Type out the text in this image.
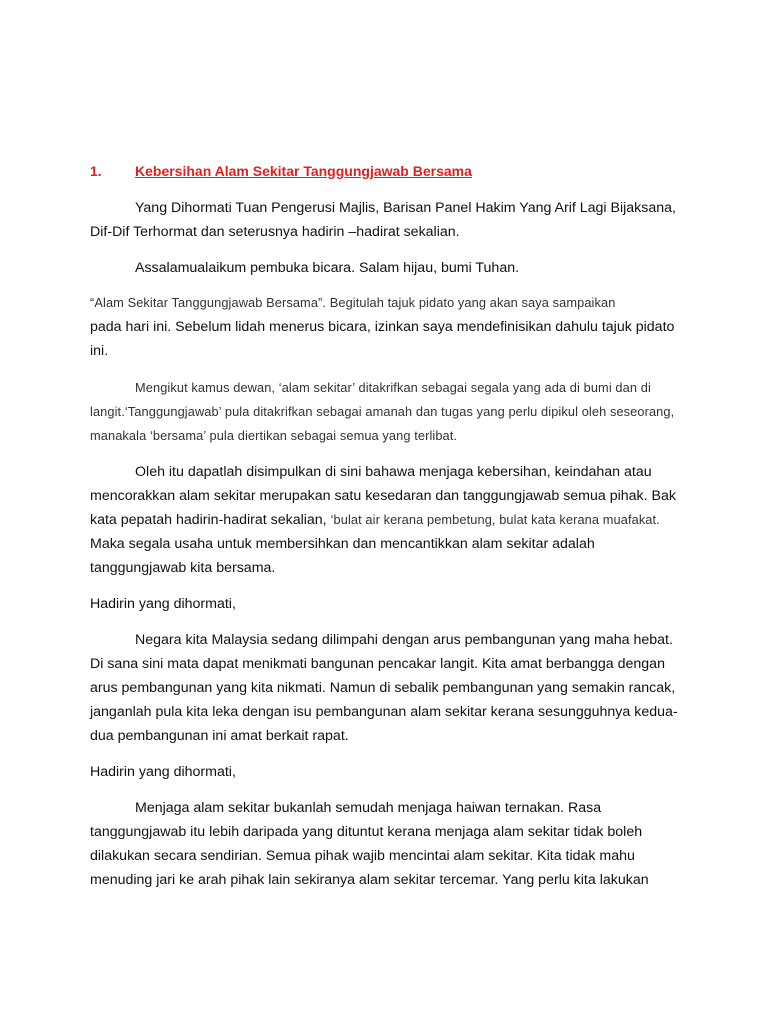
1. Kebersihan Alam Sekitar Tanggungjawab Bersama

Yang Dihormati Tuan Pengerusi Majlis, Barisan Panel Hakim Yang Arif Lagi Bijaksana, Dif-Dif Terhormat dan seterusnya hadirin –hadirat sekalian.

Assalamualaikum pembuka bicara. Salam hijau, bumi Tuhan.

“Alam Sekitar Tanggungjawab Bersama”. Begitulah tajuk pidato yang akan saya sampaikan
pada hari ini. Sebelum lidah menerus bicara, izinkan saya mendefinisikan dahulu tajuk pidato ini.

Mengikut kamus dewan, ‘alam sekitar’ ditakrifkan sebagai segala yang ada di bumi dan di langit.‘Tanggungjawab’ pula ditakrifkan sebagai amanah dan tugas yang perlu dipikul oleh seseorang, manakala ‘bersama’ pula diertikan sebagai semua yang terlibat.

Oleh itu dapatlah disimpulkan di sini bahawa menjaga kebersihan, keindahan atau mencorakkan alam sekitar merupakan satu kesedaran dan tanggungjawab semua pihak. Bak kata pepatah hadirin-hadirat sekalian, ‘bulat air kerana pembetung, bulat kata kerana muafakat. Maka segala usaha untuk membersihkan dan mencantikkan alam sekitar adalah tanggungjawab kita bersama.

Hadirin yang dihormati,

Negara kita Malaysia sedang dilimpahi dengan arus pembangunan yang maha hebat. Di sana sini mata dapat menikmati bangunan pencakar langit. Kita amat berbangga dengan arus pembangunan yang kita nikmati. Namun di sebalik pembangunan yang semakin rancak, janganlah pula kita leka dengan isu pembangunan alam sekitar kerana sesungguhnya kedua-dua pembangunan ini amat berkait rapat.

Hadirin yang dihormati,

Menjaga alam sekitar bukanlah semudah menjaga haiwan ternakan. Rasa tanggungjawab itu lebih daripada yang dituntut kerana menjaga alam sekitar tidak boleh dilakukan secara sendirian. Semua pihak wajib mencintai alam sekitar. Kita tidak mahu menuding jari ke arah pihak lain sekiranya alam sekitar tercemar. Yang perlu kita lakukan
